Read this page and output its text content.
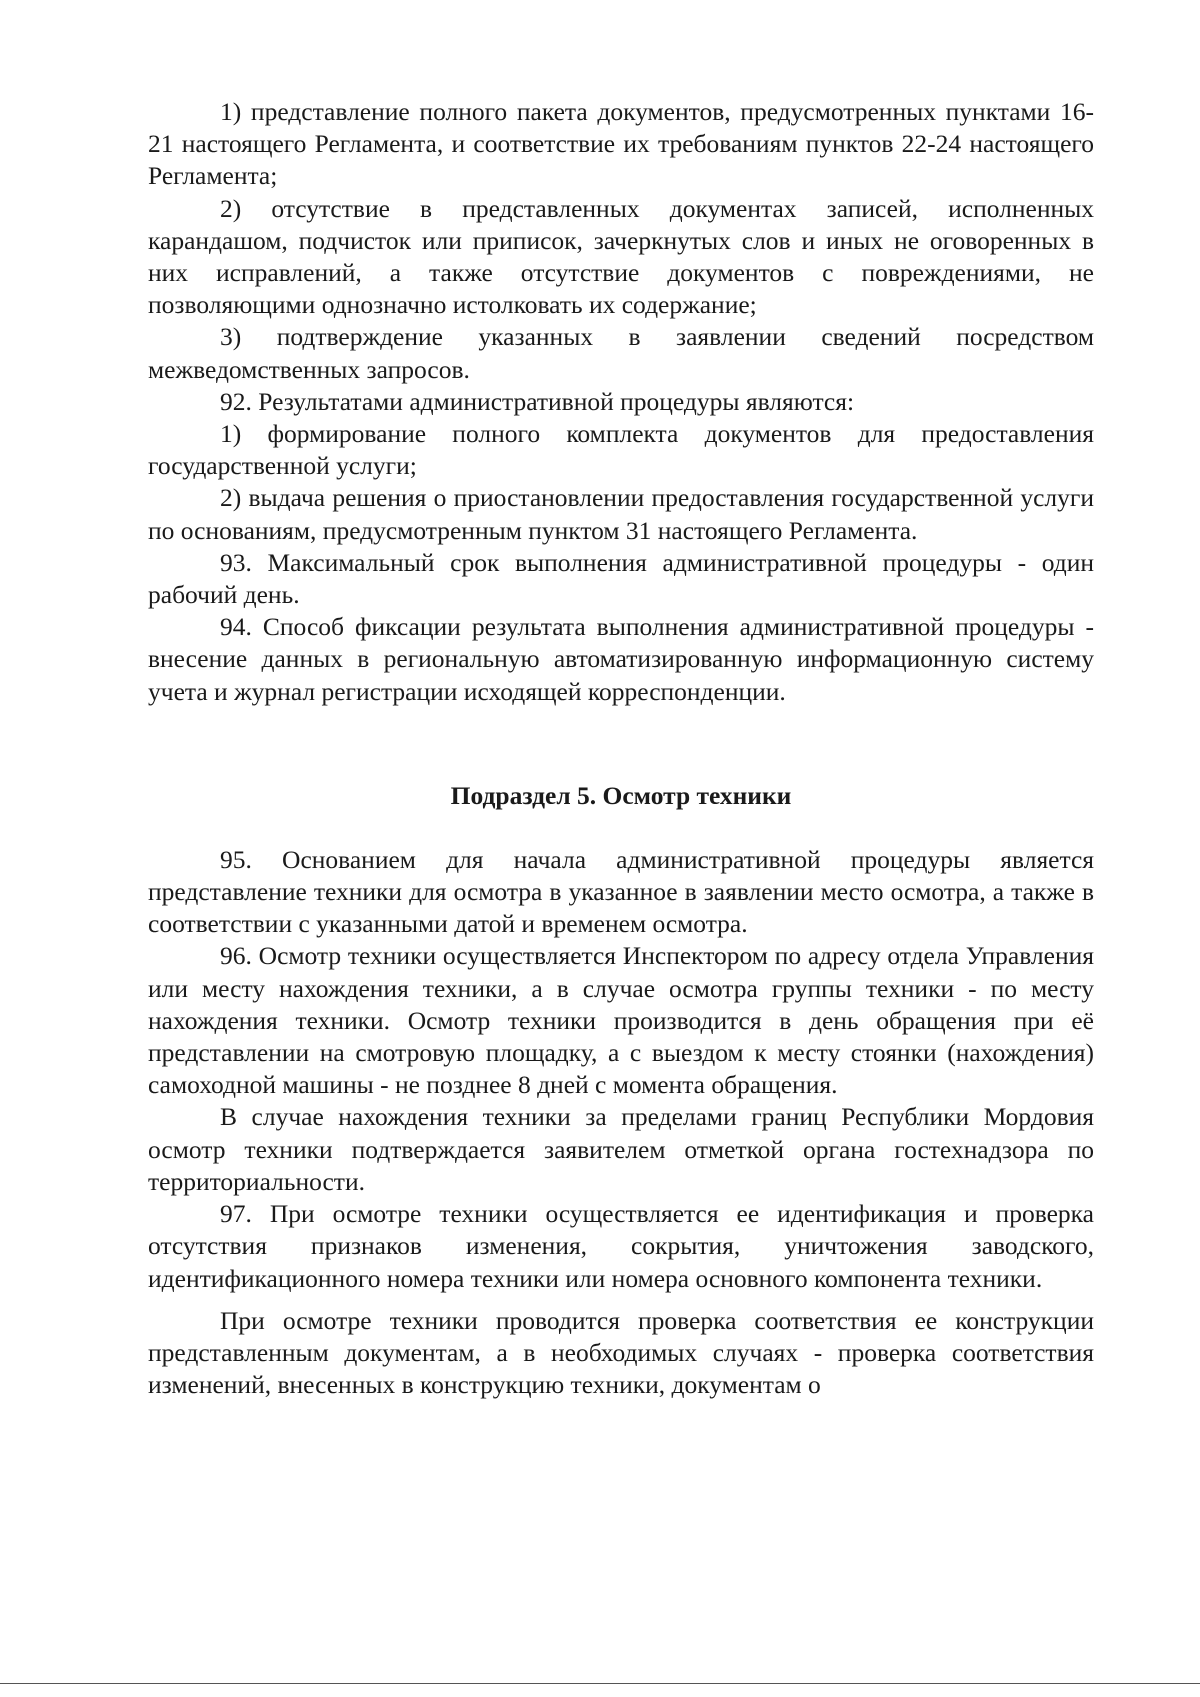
1) представление полного пакета документов, предусмотренных пунктами 16-21 настоящего Регламента, и соответствие их требованиям пунктов 22-24 настоящего Регламента;

2) отсутствие в представленных документах записей, исполненных карандашом, подчисток или приписок, зачеркнутых слов и иных не оговоренных в них исправлений, а также отсутствие документов с повреждениями, не позволяющими однозначно истолковать их содержание;

3) подтверждение указанных в заявлении сведений посредством межведомственных запросов.

92. Результатами административной процедуры являются:

1) формирование полного комплекта документов для предоставления государственной услуги;

2) выдача решения о приостановлении предоставления государственной услуги по основаниям, предусмотренным пунктом 31 настоящего Регламента.

93. Максимальный срок выполнения административной процедуры - один рабочий день.

94. Способ фиксации результата выполнения административной процедуры - внесение данных в региональную автоматизированную информационную систему учета и журнал регистрации исходящей корреспонденции.

Подраздел 5. Осмотр техники

95. Основанием для начала административной процедуры является представление техники для осмотра в указанное в заявлении место осмотра, а также в соответствии с указанными датой и временем осмотра.

96. Осмотр техники осуществляется Инспектором по адресу отдела Управления или месту нахождения техники, а в случае осмотра группы техники - по месту нахождения техники. Осмотр техники производится в день обращения при её представлении на смотровую площадку, а с выездом к месту стоянки (нахождения) самоходной машины - не позднее 8 дней с момента обращения.

В случае нахождения техники за пределами границ Республики Мордовия осмотр техники подтверждается заявителем отметкой органа гостехнадзора по территориальности.

97. При осмотре техники осуществляется ее идентификация и проверка отсутствия признаков изменения, сокрытия, уничтожения заводского, идентификационного номера техники или номера основного компонента техники.

При осмотре техники проводится проверка соответствия ее конструкции представленным документам, а в необходимых случаях - проверка соответствия изменений, внесенных в конструкцию техники, документам о
